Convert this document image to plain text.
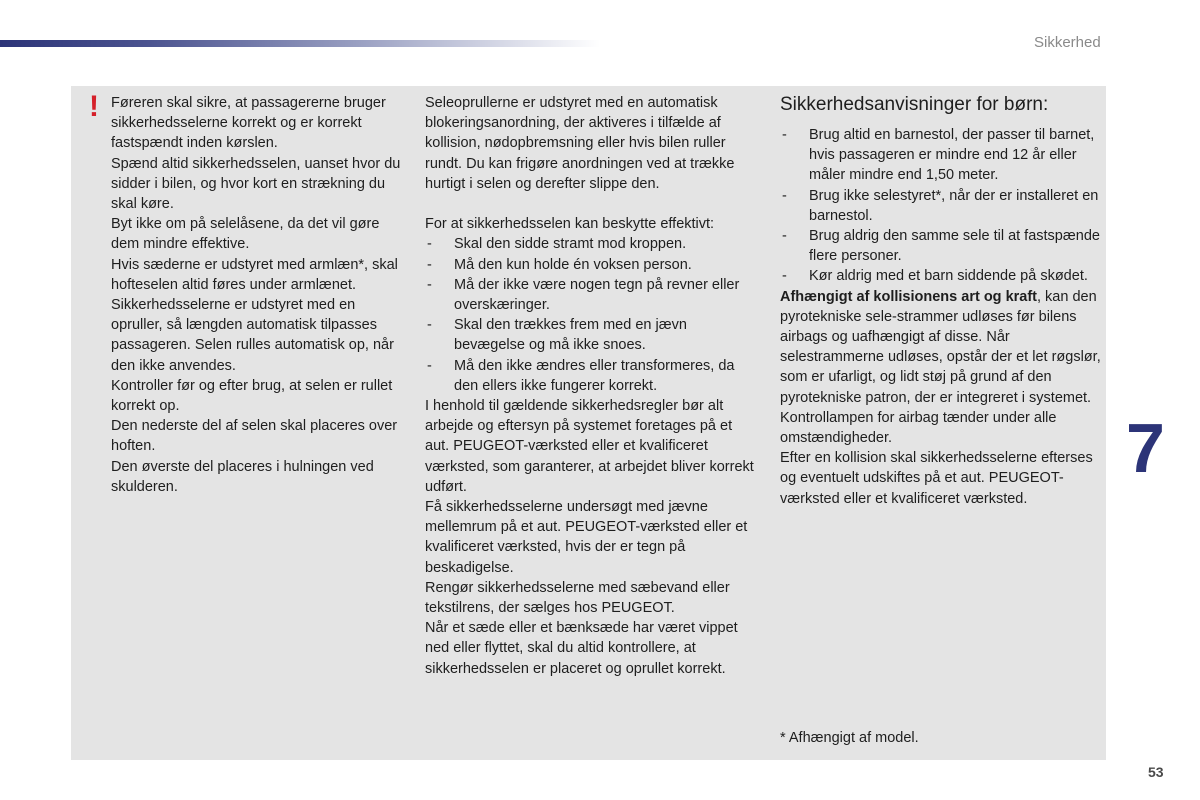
Sikkerhed
! Føreren skal sikre, at passagererne bruger sikkerhedsselerne korrekt og er korrekt fastspændt inden kørslen.

Spænd altid sikkerhedsselen, uanset hvor du sidder i bilen, og hvor kort en strækning du skal køre.

Byt ikke om på selelåsene, da det vil gøre dem mindre effektive.

Hvis sæderne er udstyret med armlæn*, skal hofteselen altid føres under armlænet.

Sikkerhedsselerne er udstyret med en opruller, så længden automatisk tilpasses passageren. Selen rulles automatisk op, når den ikke anvendes.

Kontroller før og efter brug, at selen er rullet korrekt op.

Den nederste del af selen skal placeres over hoften.

Den øverste del placeres i hulningen ved skulderen.

Seleoprullerne er udstyret med en automatisk blokeringsanordning, der aktiveres i tilfælde af kollision, nødopbremsning eller hvis bilen ruller rundt. Du kan frigøre anordningen ved at trække hurtigt i selen og derefter slippe den.

For at sikkerhedsselen kan beskytte effektivt:

- Skal den sidde stramt mod kroppen.
- Må den kun holde én voksen person.
- Må der ikke være nogen tegn på revner eller overskæringer.
- Skal den trækkes frem med en jævn bevægelse og må ikke snoes.
- Må den ikke ændres eller transformeres, da den ellers ikke fungerer korrekt.

I henhold til gældende sikkerhedsregler bør alt arbejde og eftersyn på systemet foretages på et aut. PEUGEOT-værksted eller et kvalificeret værksted, som garanterer, at arbejdet bliver korrekt udført.

Få sikkerhedsselerne undersøgt med jævne mellemrum på et aut. PEUGEOT-værksted eller et kvalificeret værksted, hvis der er tegn på beskadigelse.

Rengør sikkerhedsselerne med sæbevand eller tekstilrens, der sælges hos PEUGEOT.

Når et sæde eller et bænksæde har været vippet ned eller flyttet, skal du altid kontrollere, at sikkerhedsselen er placeret og oprullet korrekt.

Sikkerhedsanvisninger for børn:
- Brug altid en barnestol, der passer til barnet, hvis passageren er mindre end 12 år eller måler mindre end 1,50 meter.
- Brug ikke selestyret*, når der er installeret en barnestol.
- Brug aldrig den samme sele til at fastspænde flere personer.
- Kør aldrig med et barn siddende på skødet.

Afhængigt af kollisionens art og kraft, kan den pyrotekniske sele-strammer udløses før bilens airbags og uafhængigt af disse. Når selestrammerne udløses, opstår der et let røgslør, som er ufarligt, og lidt støj på grund af den pyrotekniske patron, der er integreret i systemet.

Kontrollampen for airbag tænder under alle omstændigheder.

Efter en kollision skal sikkerhedsselerne efterses og eventuelt udskiftes på et aut. PEUGEOT-værksted eller et kvalificeret værksted.

* Afhængigt af model.
7
53
